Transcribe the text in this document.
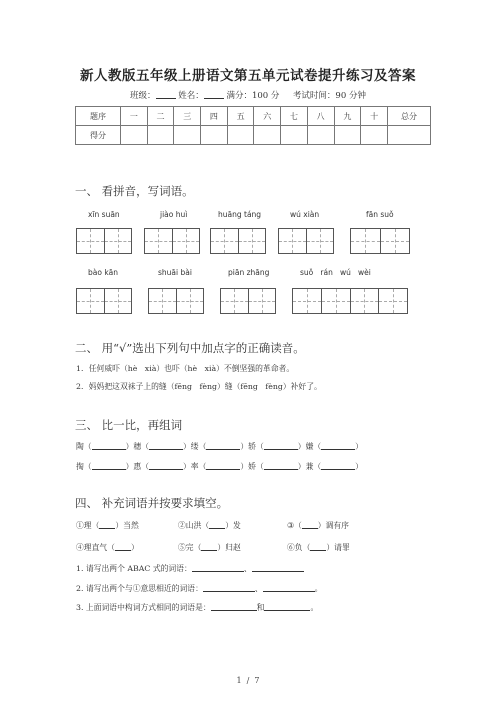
新人教版五年级上册语文第五单元试卷提升练习及答案
班级：	姓名：	满分：100 分 考试时间：90 分钟
题序	一	二	三	四	五	六	七	八	九	十	总分
得分											
一、 看拼音，写词语。
xīn suān	jiào huì	huāng táng	wú xiàn	fān suǒ
bào kān	shuāi bài	piān zhāng	suǒ   rán   wú   wèi
二、 用“√”选出下列句中加点字的正确读音。
1．任何威吓（hè   xià）也吓（hè   xià）不倒坚强的革命者。
2．妈妈把这双袜子上的缝（fēng   fèng）缝（fēng   fèng）补好了。
三、 比一比，再组词
陶（	）穗（	）缕（	）轿（	）嫌（	）
掏（	）惠（	）率（	）娇（	）兼（	）
四、 补充词语并按要求填空。
①理（ ）当然	②山洪（ ）发	③（ ）调有序
④理直气（ ）	⑤完（ ）归赵	⑥负（ ）请罪
1. 请写出两个 ABAC 式的词语：	、
2. 请写出两个与①意思相近的词语：	、	。
3. 上面词语中构词方式相同的词语是：	和	。
1  /  7
